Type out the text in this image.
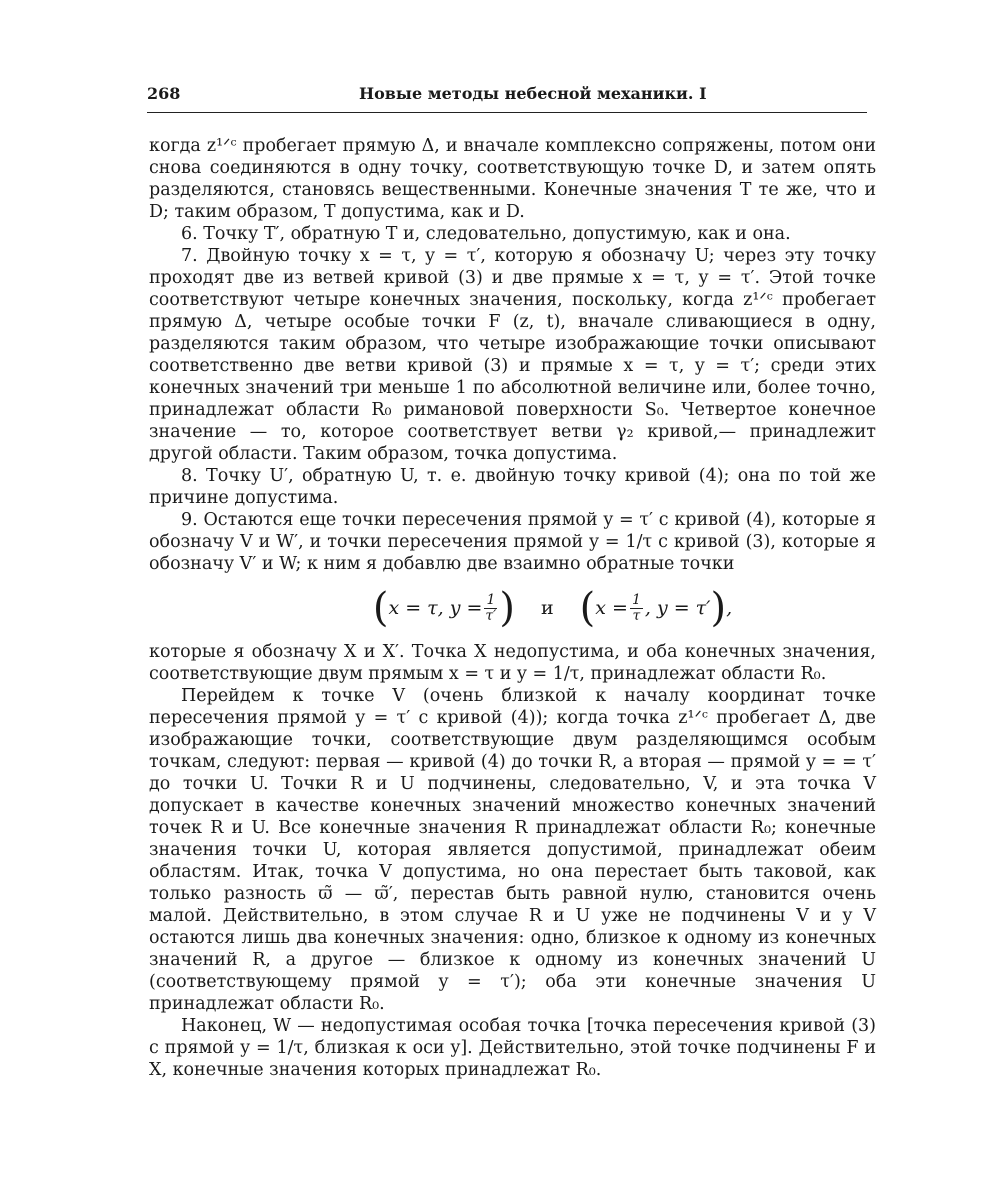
268	Новые методы небесной механики. I

когда z¹ᐟᶜ пробегает прямую Δ, и вначале комплексно сопряжены, потом они снова соединяются в одну точку, соответствующую точке D, и затем опять разделяются, становясь вещественными. Конечные значения T те же, что и D; таким образом, T допустима, как и D.

6. Точку T′, обратную T и, следовательно, допустимую, как и она.

7. Двойную точку x = τ, y = τ′, которую я обозначу U; через эту точку проходят две из ветвей кривой (3) и две прямые x = τ, y = τ′. Этой точке соответствуют четыре конечных значения, поскольку, когда z¹ᐟᶜ пробегает прямую Δ, четыре особые точки F (z, t), вначале сливающиеся в одну, разделяются таким образом, что четыре изображающие точки описывают соответственно две ветви кривой (3) и прямые x = τ, y = τ′; среди этих конечных значений три меньше 1 по абсолютной величине или, более точно, принадлежат области R₀ римановой поверхности S₀. Четвертое конечное значение — то, которое соответствует ветви γ₂ кривой,— принадлежит другой области. Таким образом, точка допустима.

8. Точку U′, обратную U, т. е. двойную точку кривой (4); она по той же причине допустима.

9. Остаются еще точки пересечения прямой y = τ′ с кривой (4), которые я обозначу V и W′, и точки пересечения прямой y = 1/τ с кривой (3), которые я обозначу V′ и W; к ним я добавлю две взаимно обратные точки

( x = τ, $y = \frac{1}{\tau'}$ ) и ( $x = \frac{1}{\tau}$ , y = τ′ ) ,

которые я обозначу X и X′. Точка X недопустима, и оба конечных значения, соответствующие двум прямым x = τ и y = 1/τ, принадлежат области R₀.

Перейдем к точке V (очень близкой к началу координат точке пересечения прямой y = τ′ с кривой (4)); когда точка z¹ᐟᶜ пробегает Δ, две изображающие точки, соответствующие двум разделяющимся особым точкам, следуют: первая — кривой (4) до точки R, а вторая — прямой y = = τ′ до точки U. Точки R и U подчинены, следовательно, V, и эта точка V допускает в качестве конечных значений множество конечных значений точек R и U. Все конечные значения R принадлежат области R₀; конечные значения точки U, которая является допустимой, принадлежат обеим областям. Итак, точка V допустима, но она перестает быть таковой, как только разность ϖ̃ — ϖ̃′, перестав быть равной нулю, становится очень малой. Действительно, в этом случае R и U уже не подчинены V и у V остаются лишь два конечных значения: одно, близкое к одному из конечных значений R, а другое — близкое к одному из конечных значений U (соответствующему прямой y = τ′); оба эти конечные значения U принадлежат области R₀.

Наконец, W — недопустимая особая точка [точка пересечения кривой (3) с прямой y = 1/τ, близкая к оси y]. Действительно, этой точке подчинены F и X, конечные значения которых принадлежат R₀.
